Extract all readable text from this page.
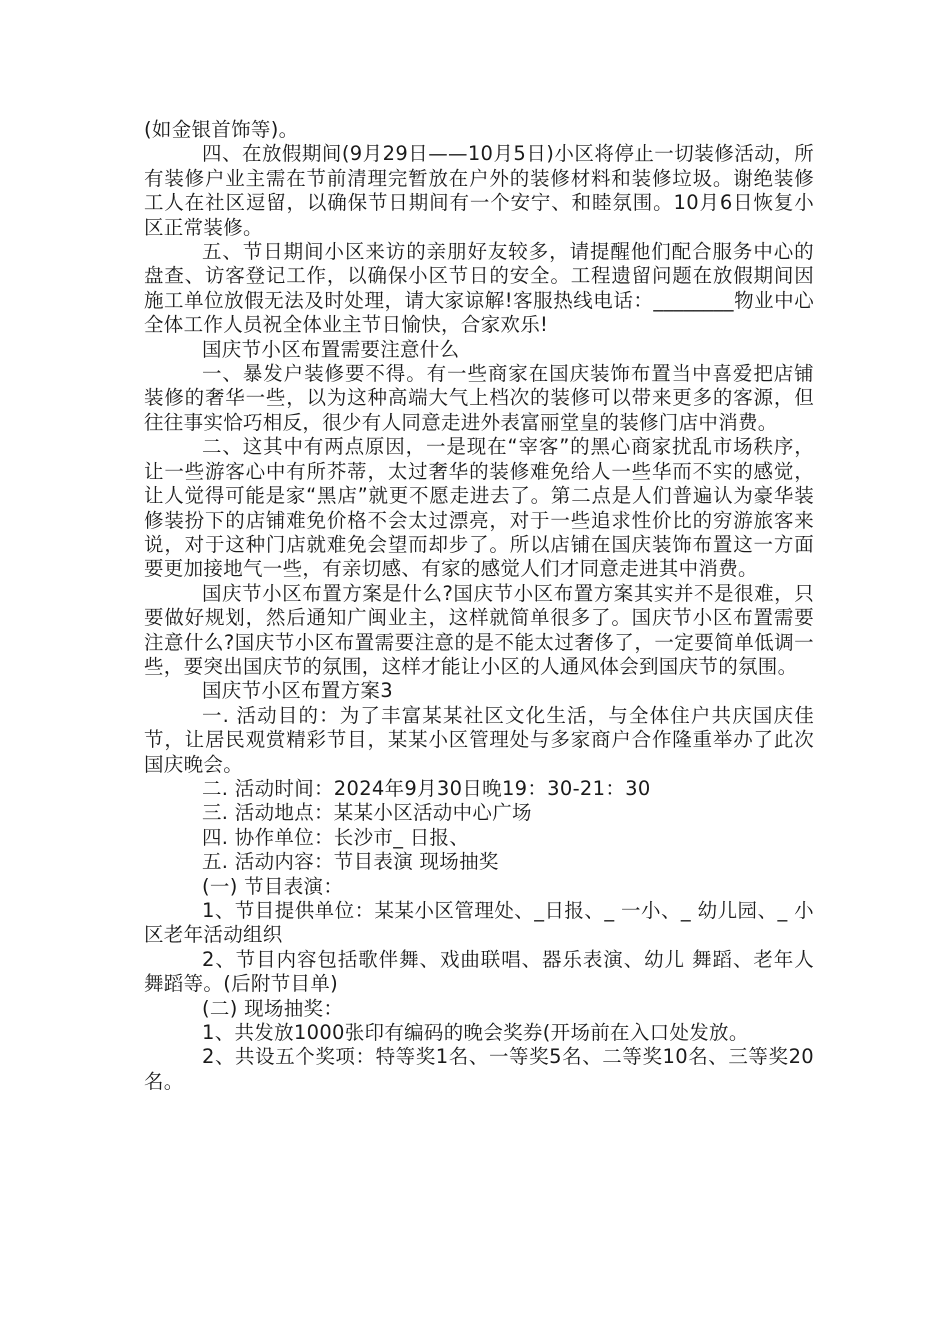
(如金银首饰等)。

四、在放假期间(9月29日——10月5日)小区将停止一切装修活动，所有装修户业主需在节前清理完暂放在户外的装修材料和装修垃圾。谢绝装修工人在社区逗留，以确保节日期间有一个安宁、和睦氛围。10月6日恢复小区正常装修。

五、节日期间小区来访的亲朋好友较多，请提醒他们配合服务中心的盘查、访客登记工作，以确保小区节日的安全。工程遗留问题在放假期间因施工单位放假无法及时处理，请大家谅解!客服热线电话：________物业中心全体工作人员祝全体业主节日愉快，合家欢乐!

国庆节小区布置需要注意什么

一、暴发户装修要不得。有一些商家在国庆装饰布置当中喜爱把店铺装修的奢华一些，以为这种高端大气上档次的装修可以带来更多的客源，但往往事实恰巧相反，很少有人同意走进外表富丽堂皇的装修门店中消费。

二、这其中有两点原因，一是现在“宰客”的黑心商家扰乱市场秩序，让一些游客心中有所芥蒂，太过奢华的装修难免给人一些华而不实的感觉，让人觉得可能是家“黑店”就更不愿走进去了。第二点是人们普遍认为豪华装修装扮下的店铺难免价格不会太过漂亮，对于一些追求性价比的穷游旅客来说，对于这种门店就难免会望而却步了。所以店铺在国庆装饰布置这一方面要更加接地气一些，有亲切感、有家的感觉人们才同意走进其中消费。

国庆节小区布置方案是什么?国庆节小区布置方案其实并不是很难，只要做好规划，然后通知广闽业主，这样就简单很多了。国庆节小区布置需要注意什么?国庆节小区布置需要注意的是不能太过奢侈了，一定要简单低调一些，要突出国庆节的氛围，这样才能让小区的人通风体会到国庆节的氛围。

国庆节小区布置方案3

一. 活动目的：为了丰富某某社区文化生活，与全体住户共庆国庆佳节，让居民观赏精彩节目，某某小区管理处与多家商户合作隆重举办了此次国庆晚会。

二. 活动时间：2024年9月30日晚19：30-21：30

三. 活动地点：某某小区活动中心广场

四. 协作单位：长沙市_ 日报、

五. 活动内容：节目表演 现场抽奖

(一) 节目表演：

1、节目提供单位：某某小区管理处、_日报、_ 一小、_ 幼儿园、_ 小区老年活动组织

2、节目内容包括歌伴舞、戏曲联唱、器乐表演、幼儿 舞蹈、老年人舞蹈等。(后附节目单)

(二) 现场抽奖：

1、共发放1000张印有编码的晚会奖券(开场前在入口处发放。

2、共设五个奖项：特等奖1名、一等奖5名、二等奖10名、三等奖20名。
